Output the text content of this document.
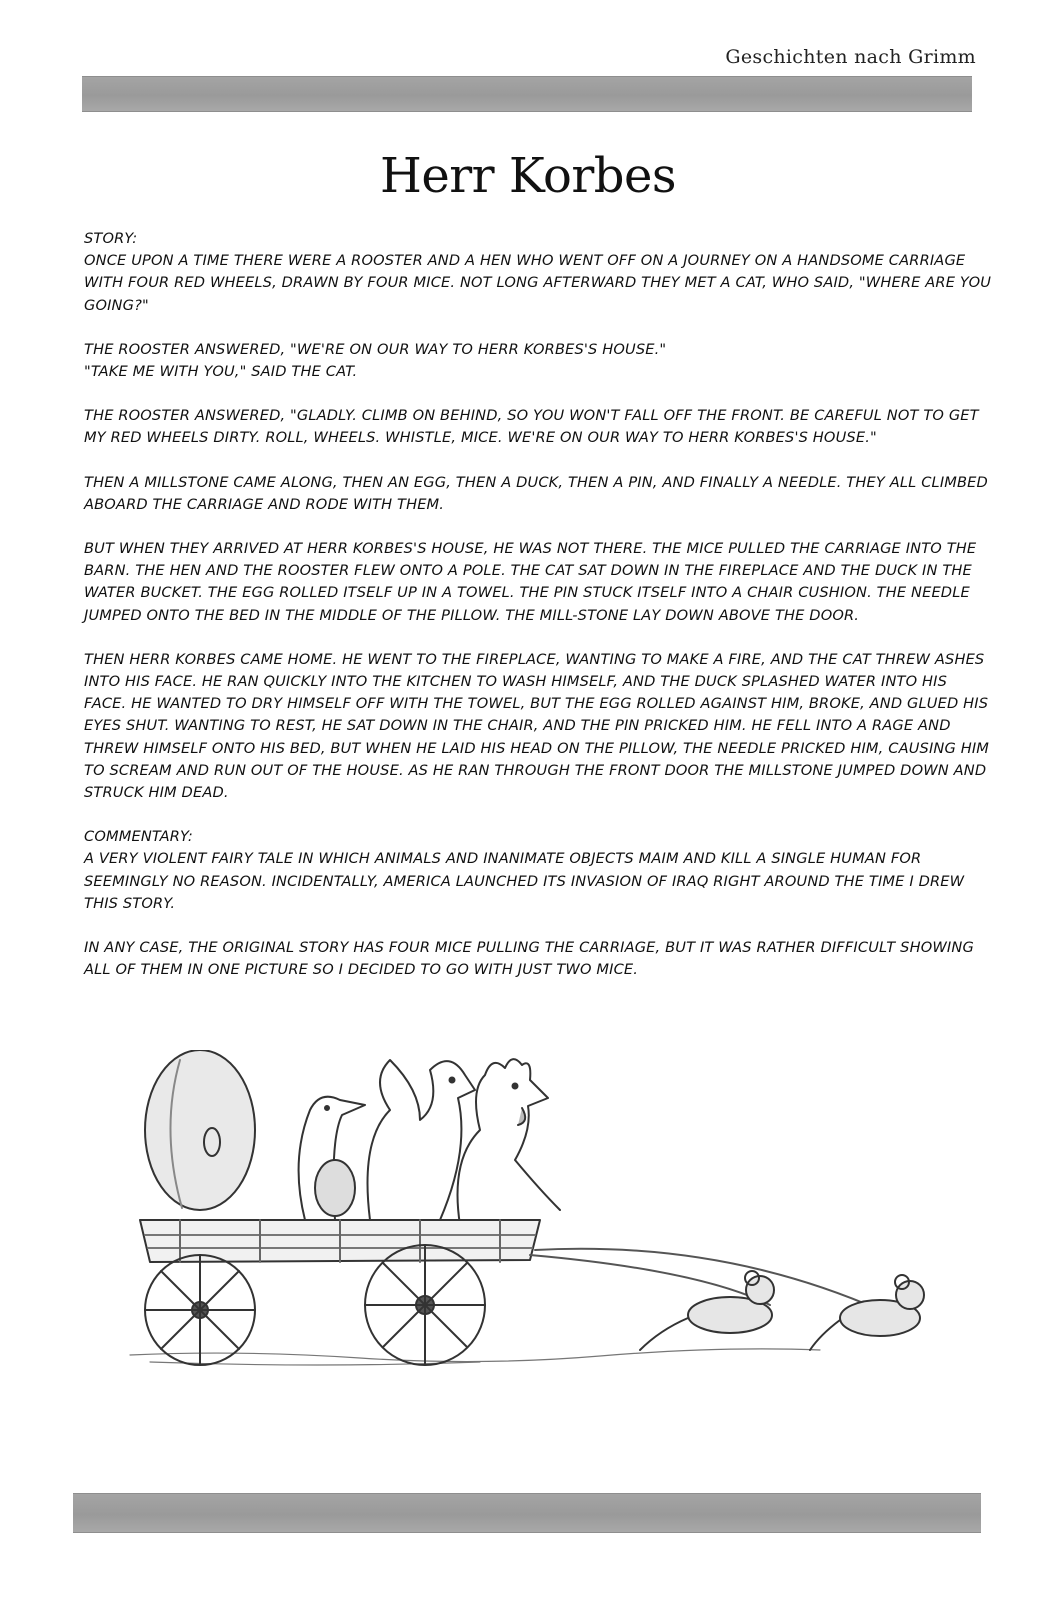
Geschichten nach Grimm
Herr Korbes

STORY:

ONCE UPON A TIME THERE WERE A ROOSTER AND A HEN WHO WENT OFF ON A JOURNEY ON A HANDSOME CARRIAGE WITH FOUR RED WHEELS, DRAWN BY FOUR MICE. NOT LONG AFTERWARD THEY MET A CAT, WHO SAID, "WHERE ARE YOU GOING?"

THE ROOSTER ANSWERED, "WE'RE ON OUR WAY TO HERR KORBES'S HOUSE."
"TAKE ME WITH YOU," SAID THE CAT.

THE ROOSTER ANSWERED, "GLADLY. CLIMB ON BEHIND, SO YOU WON'T FALL OFF THE FRONT. BE CAREFUL NOT TO GET MY RED WHEELS DIRTY. ROLL, WHEELS. WHISTLE, MICE. WE'RE ON OUR WAY TO HERR KORBES'S HOUSE."

THEN A MILLSTONE CAME ALONG, THEN AN EGG, THEN A DUCK, THEN A PIN, AND FINALLY A NEEDLE. THEY ALL CLIMBED ABOARD THE CARRIAGE AND RODE WITH THEM.

BUT WHEN THEY ARRIVED AT HERR KORBES'S HOUSE, HE WAS NOT THERE. THE MICE PULLED THE CARRIAGE INTO THE BARN. THE HEN AND THE ROOSTER FLEW ONTO A POLE. THE CAT SAT DOWN IN THE FIREPLACE AND THE DUCK IN THE WATER BUCKET. THE EGG ROLLED ITSELF UP IN A TOWEL. THE PIN STUCK ITSELF INTO A CHAIR CUSHION. THE NEEDLE JUMPED ONTO THE BED IN THE MIDDLE OF THE PILLOW. THE MILL-STONE LAY DOWN ABOVE THE DOOR.

THEN HERR KORBES CAME HOME. HE WENT TO THE FIREPLACE, WANTING TO MAKE A FIRE, AND THE CAT THREW ASHES INTO HIS FACE. HE RAN QUICKLY INTO THE KITCHEN TO WASH HIMSELF, AND THE DUCK SPLASHED WATER INTO HIS FACE. HE WANTED TO DRY HIMSELF OFF WITH THE TOWEL, BUT THE EGG ROLLED AGAINST HIM, BROKE, AND GLUED HIS EYES SHUT. WANTING TO REST, HE SAT DOWN IN THE CHAIR, AND THE PIN PRICKED HIM. HE FELL INTO A RAGE AND THREW HIMSELF ONTO HIS BED, BUT WHEN HE LAID HIS HEAD ON THE PILLOW, THE NEEDLE PRICKED HIM, CAUSING HIM TO SCREAM AND RUN OUT OF THE HOUSE. AS HE RAN THROUGH THE FRONT DOOR THE MILLSTONE JUMPED DOWN AND STRUCK HIM DEAD.

COMMENTARY:

A VERY VIOLENT FAIRY TALE IN WHICH ANIMALS AND INANIMATE OBJECTS MAIM AND KILL A SINGLE HUMAN FOR SEEMINGLY NO REASON. INCIDENTALLY, AMERICA LAUNCHED ITS INVASION OF IRAQ RIGHT AROUND THE TIME I DREW THIS STORY.

IN ANY CASE, THE ORIGINAL STORY HAS FOUR MICE PULLING THE CARRIAGE, BUT IT WAS RATHER DIFFICULT SHOWING ALL OF THEM IN ONE PICTURE SO I DECIDED TO GO WITH JUST TWO MICE.
